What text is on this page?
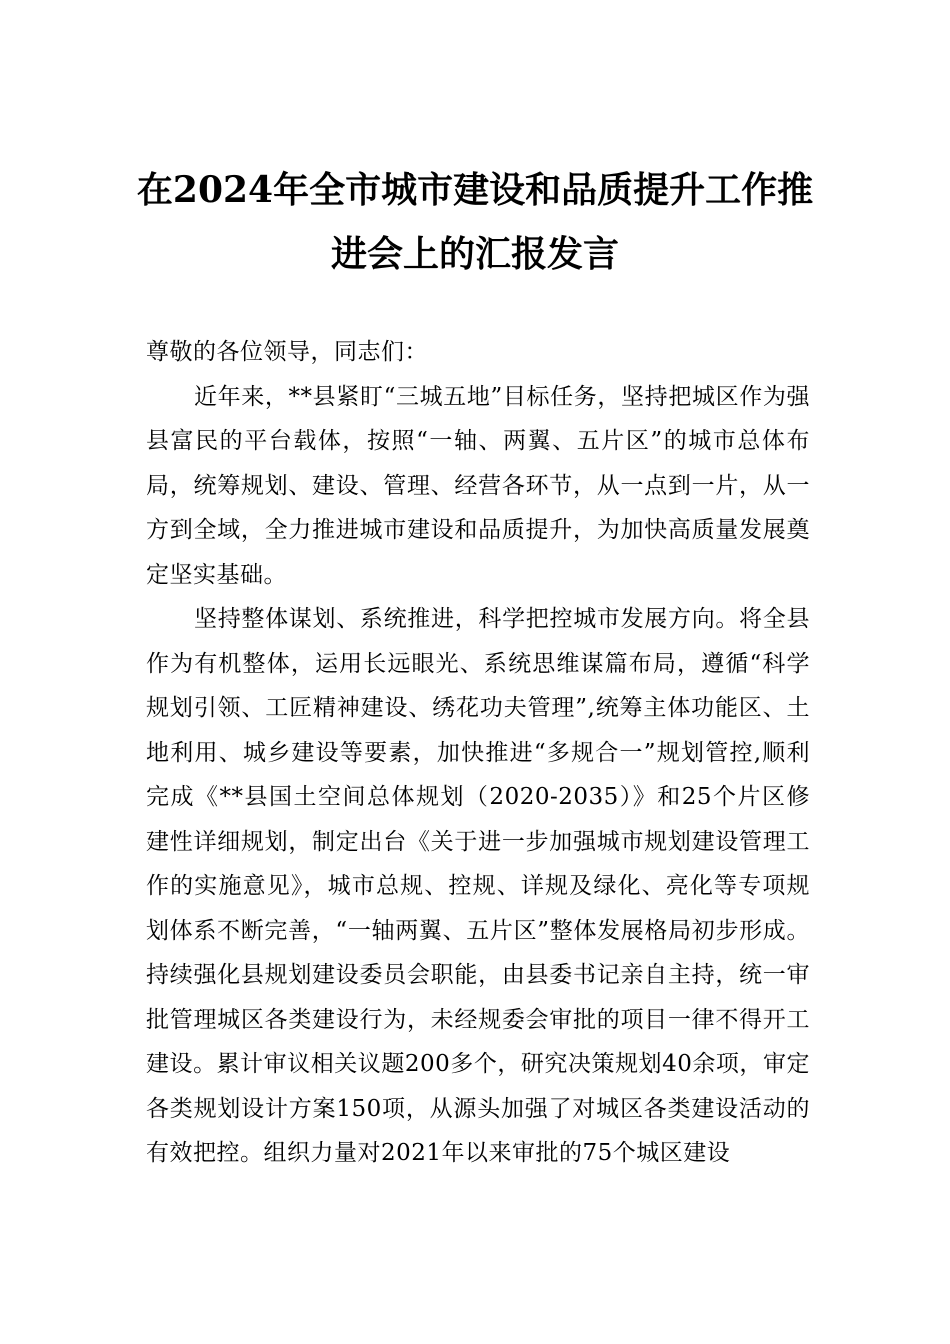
在2024年全市城市建设和品质提升工作推
进会上的汇报发言

尊敬的各位领导，同志们：

近年来，**县紧盯“三城五地”目标任务，坚持把城区作为强县富民的平台载体，按照“一轴、两翼、五片区”的城市总体布局，统筹规划、建设、管理、经营各环节，从一点到一片，从一方到全域，全力推进城市建设和品质提升，为加快高质量发展奠定坚实基础。

坚持整体谋划、系统推进，科学把控城市发展方向。将全县作为有机整体，运用长远眼光、系统思维谋篇布局，遵循“科学规划引领、工匠精神建设、绣花功夫管理”,统筹主体功能区、土地利用、城乡建设等要素，加快推进“多规合一”规划管控,顺利完成《**县国土空间总体规划（2020-2035）》和25个片区修建性详细规划，制定出台《关于进一步加强城市规划建设管理工作的实施意见》，城市总规、控规、详规及绿化、亮化等专项规划体系不断完善，“一轴两翼、五片区”整体发展格局初步形成。持续强化县规划建设委员会职能，由县委书记亲自主持，统一审批管理城区各类建设行为，未经规委会审批的项目一律不得开工建设。累计审议相关议题200多个，研究决策规划40余项，审定各类规划设计方案150项，从源头加强了对城区各类建设活动的有效把控。组织力量对2021年以来审批的75个城区建设
